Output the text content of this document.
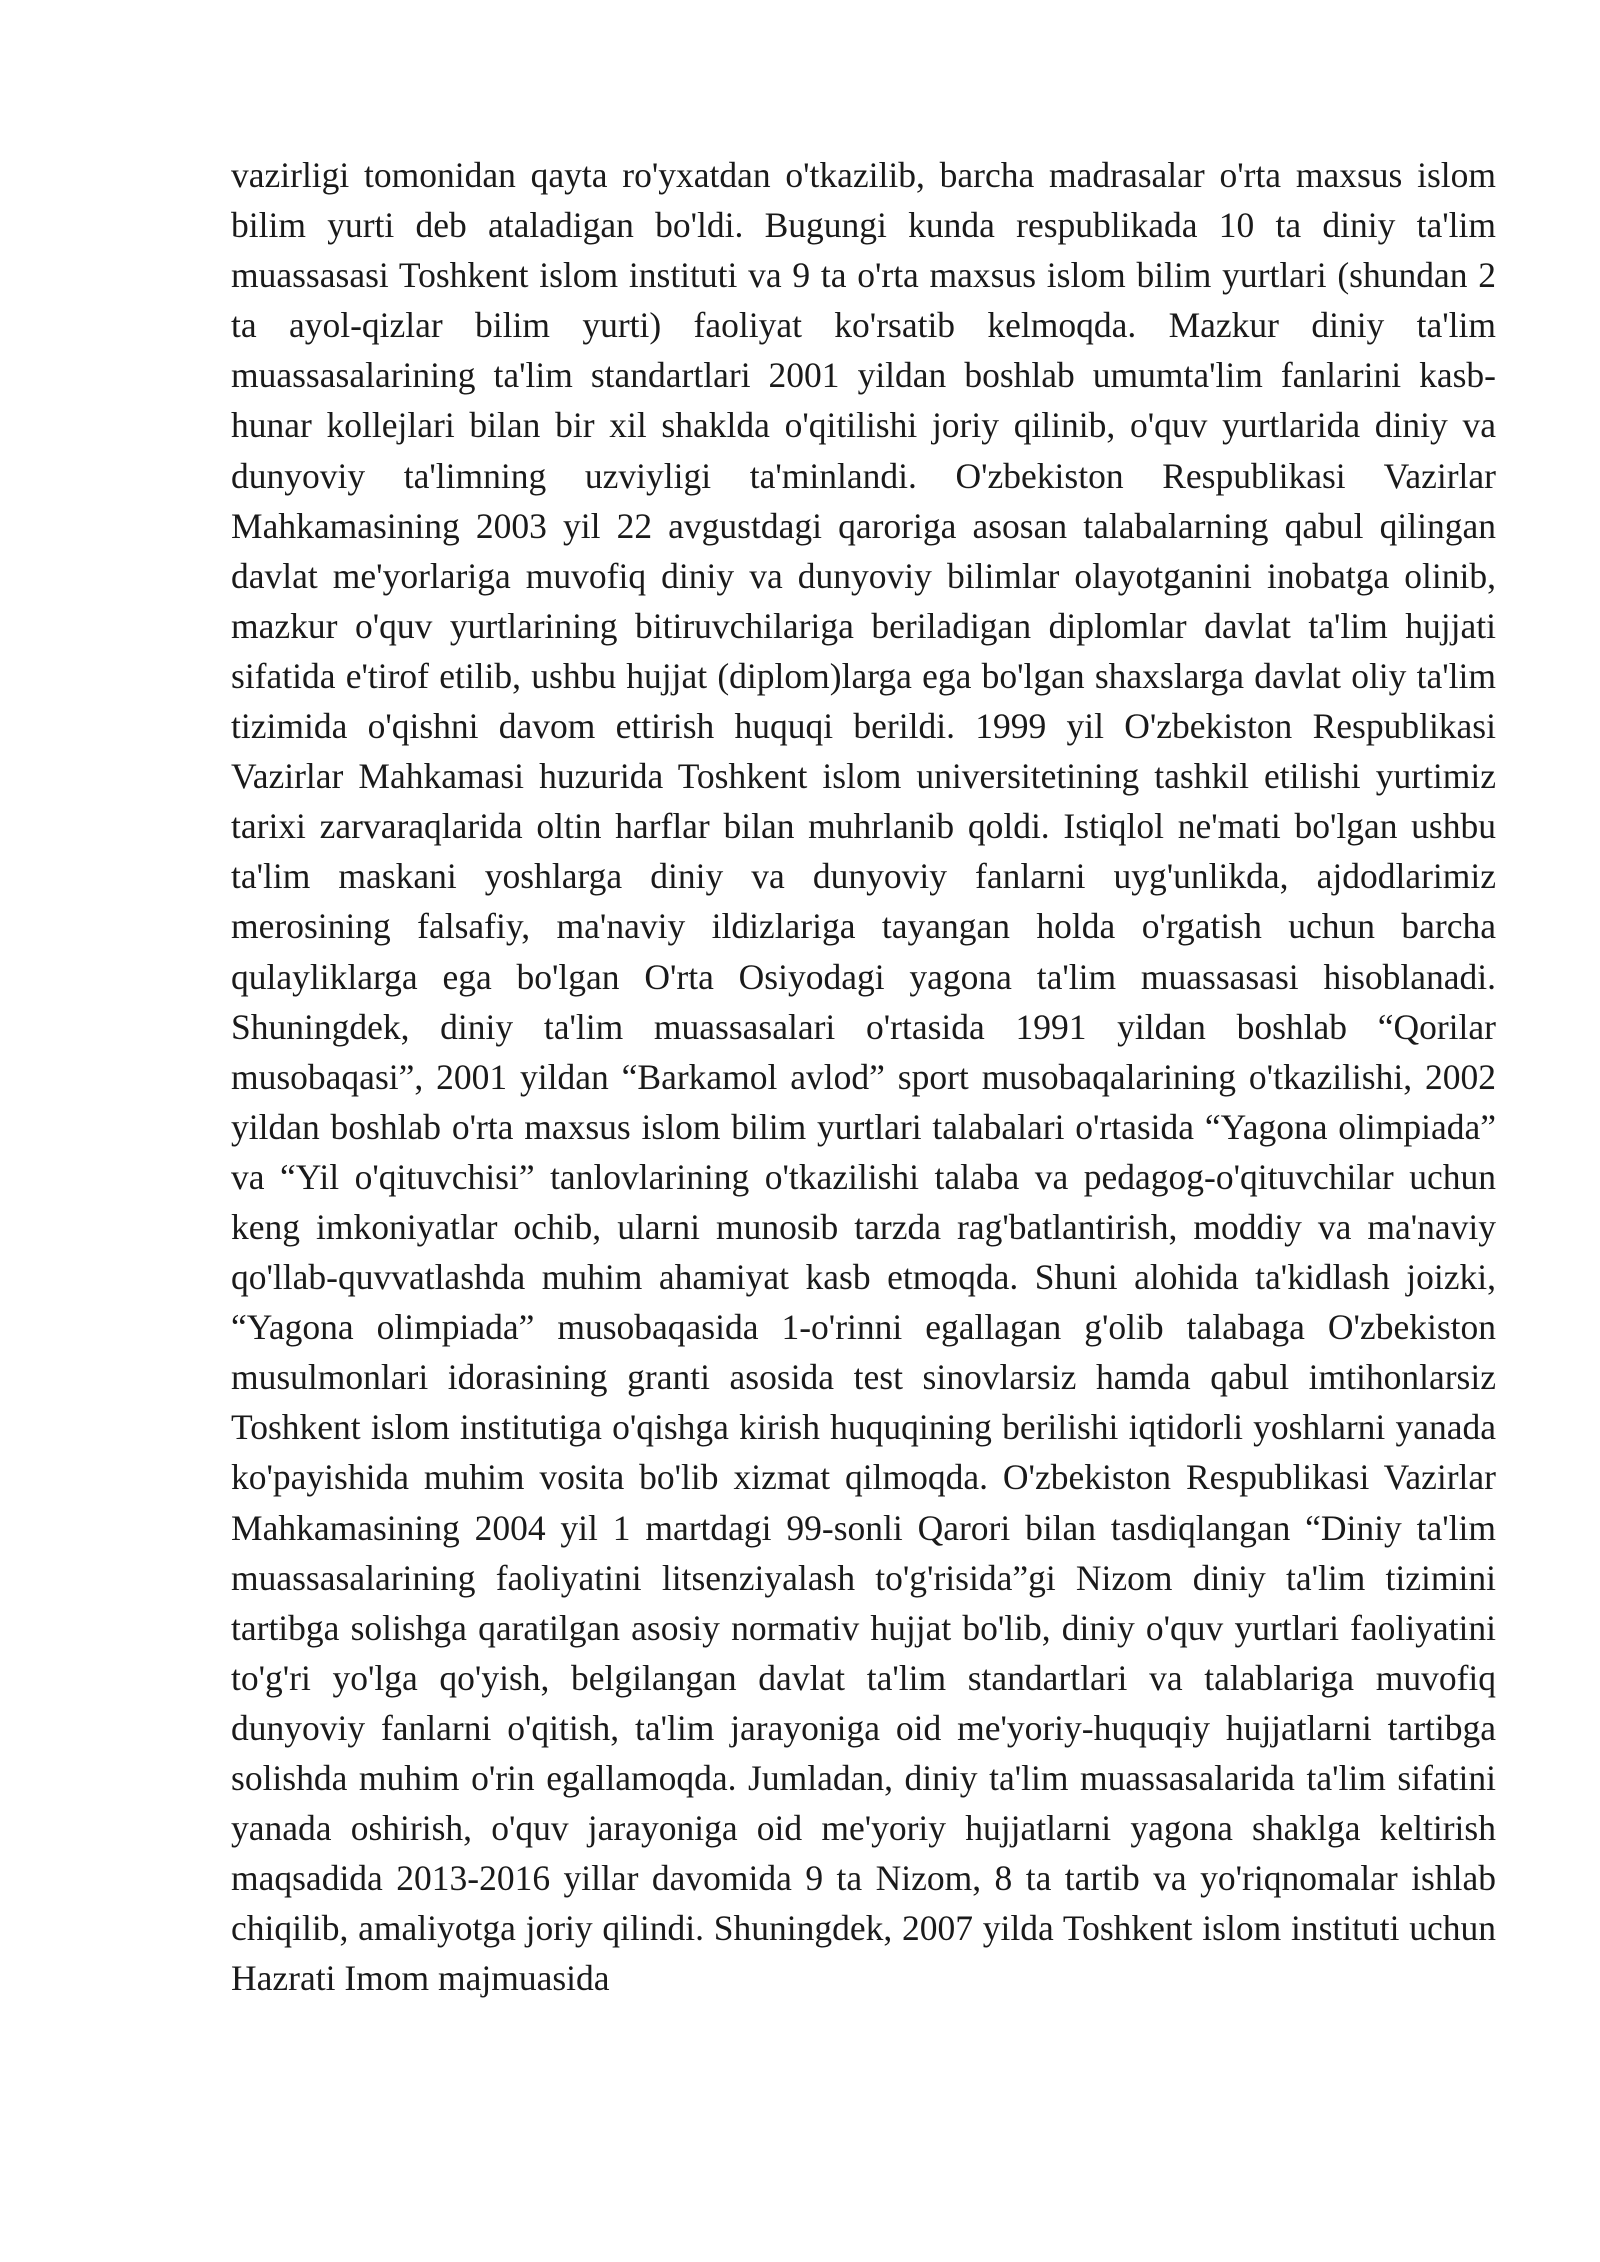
vazirligi tomonidan qayta ro'yxatdan o'tkazilib, barcha madrasalar o'rta maxsus islom bilim yurti deb ataladigan bo'ldi. Bugungi kunda respublikada 10 ta diniy ta'lim muassasasi Toshkent islom instituti va 9 ta o'rta maxsus islom bilim yurtlari (shundan 2 ta ayol-qizlar bilim yurti) faoliyat ko'rsatib kelmoqda. Mazkur diniy ta'lim muassasalarining ta'lim standartlari 2001 yildan boshlab umumta'lim fanlarini kasb-hunar kollejlari bilan bir xil shaklda o'qitilishi joriy qilinib, o'quv yurtlarida diniy va dunyoviy ta'limning uzviyligi ta'minlandi. O'zbekiston Respublikasi Vazirlar Mahkamasining 2003 yil 22 avgustdagi qaroriga asosan talabalarning qabul qilingan davlat me'yorlariga muvofiq diniy va dunyoviy bilimlar olayotganini inobatga olinib, mazkur o'quv yurtlarining bitiruvchilariga beriladigan diplomlar davlat ta'lim hujjati sifatida e'tirof etilib, ushbu hujjat (diplom)larga ega bo'lgan shaxslarga davlat oliy ta'lim tizimida o'qishni davom ettirish huquqi berildi. 1999 yil O'zbekiston Respublikasi Vazirlar Mahkamasi huzurida Toshkent islom universitetining tashkil etilishi yurtimiz tarixi zarvaraqlarida oltin harflar bilan muhrlanib qoldi. Istiqlol ne'mati bo'lgan ushbu ta'lim maskani yoshlarga diniy va dunyoviy fanlarni uyg'unlikda, ajdodlarimiz merosining falsafiy, ma'naviy ildizlariga tayangan holda o'rgatish uchun barcha qulayliklarga ega bo'lgan O'rta Osiyodagi yagona ta'lim muassasasi hisoblanadi. Shuningdek, diniy ta'lim muassasalari o'rtasida 1991 yildan boshlab “Qorilar musobaqasi”, 2001 yildan “Barkamol avlod” sport musobaqalarining o'tkazilishi, 2002 yildan boshlab o'rta maxsus islom bilim yurtlari talabalari o'rtasida “Yagona olimpiada” va “Yil o'qituvchisi” tanlovlarining o'tkazilishi talaba va pedagog-o'qituvchilar uchun keng imkoniyatlar ochib, ularni munosib tarzda rag'batlantirish, moddiy va ma'naviy qo'llab-quvvatlashda muhim ahamiyat kasb etmoqda. Shuni alohida ta'kidlash joizki, “Yagona olimpiada” musobaqasida 1-o'rinni egallagan g'olib talabaga O'zbekiston musulmonlari idorasining granti asosida test sinovlarsiz hamda qabul imtihonlarsiz Toshkent islom institutiga o'qishga kirish huquqining berilishi iqtidorli yoshlarni yanada ko'payishida muhim vosita bo'lib xizmat qilmoqda. O'zbekiston Respublikasi Vazirlar Mahkamasining 2004 yil 1 martdagi 99-sonli Qarori bilan tasdiqlangan “Diniy ta'lim muassasalarining faoliyatini litsenziyalash to'g'risida”gi Nizom diniy ta'lim tizimini tartibga solishga qaratilgan asosiy normativ hujjat bo'lib, diniy o'quv yurtlari faoliyatini to'g'ri yo'lga qo'yish, belgilangan davlat ta'lim standartlari va talablariga muvofiq dunyoviy fanlarni o'qitish, ta'lim jarayoniga oid me'yoriy-huquqiy hujjatlarni tartibga solishda muhim o'rin egallamoqda. Jumladan, diniy ta'lim muassasalarida ta'lim sifatini yanada oshirish, o'quv jarayoniga oid me'yoriy hujjatlarni yagona shaklga keltirish maqsadida 2013-2016 yillar davomida 9 ta Nizom, 8 ta tartib va yo'riqnomalar ishlab chiqilib, amaliyotga joriy qilindi. Shuningdek, 2007 yilda Toshkent islom instituti uchun Hazrati Imom majmuasida
